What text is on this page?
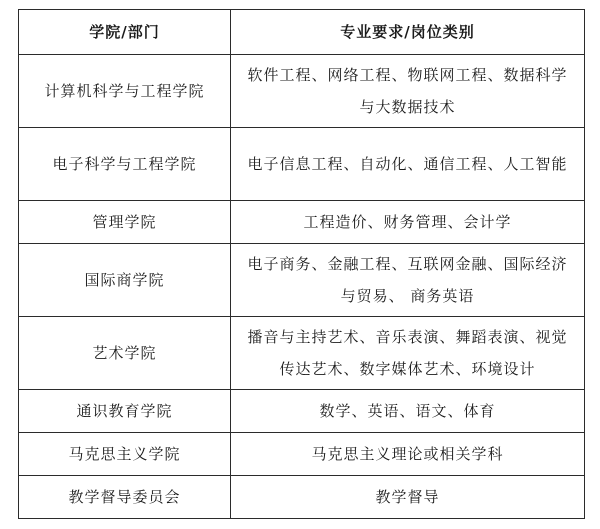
学院/部门	专业要求/岗位类别
计算机科学与工程学院	软件工程、网络工程、物联网工程、数据科学与大数据技术
电子科学与工程学院	电子信息工程、自动化、通信工程、人工智能
管理学院	工程造价、财务管理、会计学
国际商学院	电子商务、金融工程、互联网金融、国际经济与贸易、 商务英语
艺术学院	播音与主持艺术、音乐表演、舞蹈表演、视觉传达艺术、数字媒体艺术、环境设计
通识教育学院	数学、英语、语文、体育
马克思主义学院	马克思主义理论或相关学科
教学督导委员会	教学督导
